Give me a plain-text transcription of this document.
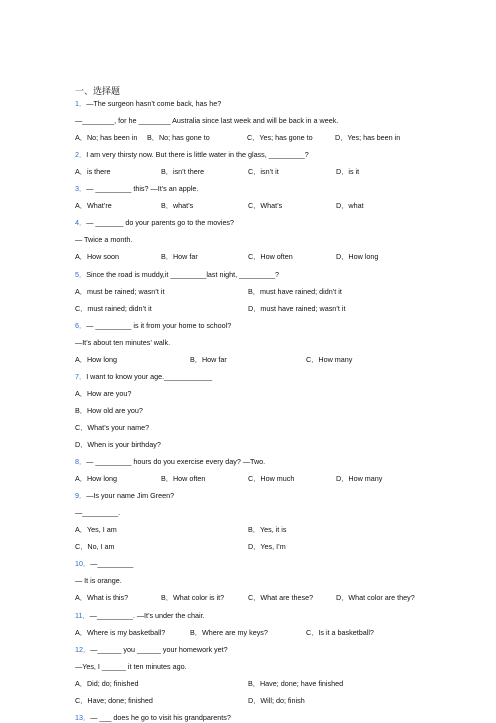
一、选择题
1．—The surgeon hasn’t come back, has he?
—________, for he ________ Australia since last week and will be back in a week.
A．No; has been in B．No; has gone to	C．Yes; has gone to	D．Yes; has been in
2．I am very thirsty now. But there is little water in the glass, _________?
A．is there	B．isn’t there	C．isn’t it	D．is it
3．— _________ this? —It’s an apple.
A．What’re	B．what’s	C．What’s	D．what
4．— _______ do your parents go to the movies?
— Twice a month.
A．How soon	B．How far	C．How often	D．How long
5．Since the road is muddy,it _________last night, _________?
A．must be rained; wasn’t it	B．must have rained; didn’t it
C．must rained; didn’t it	D．must have rained; wasn’t it
6．— _________ is it from your home to school?
—It’s about ten minutes’ walk.
A．How long	B．How far	C．How many
7．I want to know your age.____________
A．How are you?
B．How old are you?
C．What’s your name?
D．When is your birthday?
8．— _________ hours do you exercise every day? —Two.
A．How long	B．How often	C．How much	D．How many
9．—Is your name Jim Green?
—_________.
A．Yes, I am	B．Yes, it is
C．No, I am	D．Yes, I’m
10．—_________
— It is orange.
A．What is this?	B．What color is it?	C．What are these?	D．What color are they?
11．—_________. —It’s under the chair.
A．Where is my basketball?	B．Where are my keys?	C．Is it a basketball?
12．—______ you ______ your homework yet?
—Yes, I ______ it ten minutes ago.
A．Did; do; finished	B．Have; done; have finished
C．Have; done; finished	D．Will; do; finish
13．— ___ does he go to visit his grandparents?
